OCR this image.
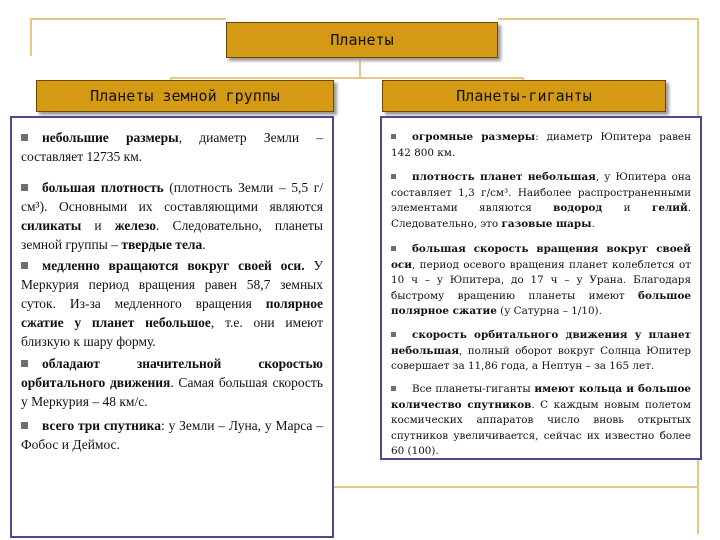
Планеты
Планеты земной группы	Планеты-гиганты
небольшие размеры, диаметр Земли – составляет 12735 км.
большая плотность (плотность Земли – 5,5 г/см³). Основными их составляющими являются силикаты и железо. Следовательно, планеты земной группы – твердые тела.
медленно вращаются вокруг своей оси. У Меркурия период вращения равен 58,7 земных суток. Из-за медленного вращения полярное сжатие у планет небольшое, т.е. они имеют близкую к шару форму.
обладают значительной скоростью орбитального движения. Самая большая скорость у Меркурия – 48 км/с.
всего три спутника: у Земли – Луна, у Марса – Фобос и Деймос.
огромные размеры: диаметр Юпитера равен 142 800 км.
плотность планет небольшая, у Юпитера она составляет 1,3 г/см³. Наиболее распространенными элементами являются водород и гелий. Следовательно, это газовые шары.
большая скорость вращения вокруг своей оси, период осевого вращения планет колеблется от 10 ч – у Юпитера, до 17 ч – у Урана. Благодаря быстрому вращению планеты имеют большое полярное сжатие (у Сатурна – 1/10).
скорость орбитального движения у планет небольшая, полный оборот вокруг Солнца Юпитер совершает за 11,86 года, а Нептун – за 165 лет.
Все планеты-гиганты имеют кольца и большое количество спутников. С каждым новым полетом космических аппаратов число вновь открытых спутников увеличивается, сейчас их известно более 60 (100).
